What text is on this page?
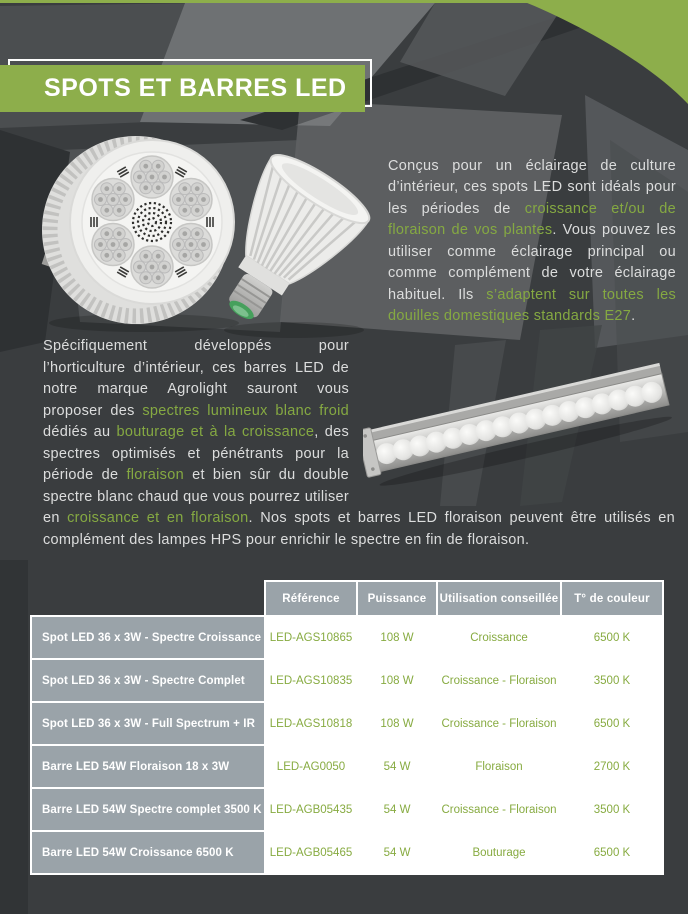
SPOTS ET BARRES LED

Conçus pour un éclairage de culture d’intérieur, ces spots LED sont idéals pour les périodes de croissance et/ou de floraison de vos plantes. Vous pouvez les utiliser comme éclairage principal ou comme complément de votre éclairage habituel. Ils s’adaptent sur toutes les douilles domestiques standards E27.

Spécifiquement développés pour l’horticulture d’intérieur, ces barres LED de notre marque Agrolight sauront vous proposer des spectres lumineux blanc froid dédiés au bouturage et à la croissance, des spectres optimisés et pénétrants pour la période de floraison et bien sûr du double spectre blanc chaud que vous pourrez utiliser en croissance et en floraison. Nos spots et barres LED floraison peuvent être utilisés en complément des lampes HPS pour enrichir le spectre en fin de floraison.

	Référence	Puissance	Utilisation conseillée	T° de couleur
Spot LED 36 x 3W - Spectre Croissance	LED-AGS10865	108 W	Croissance	6500 K
Spot LED 36 x 3W - Spectre Complet	LED-AGS10835	108 W	Croissance - Floraison	3500 K
Spot LED 36 x 3W - Full Spectrum + IR	LED-AGS10818	108 W	Croissance - Floraison	6500 K
Barre LED 54W Floraison 18 x 3W	LED-AG0050	54 W	Floraison	2700 K
Barre LED 54W Spectre complet 3500 K	LED-AGB05435	54 W	Croissance - Floraison	3500 K
Barre LED 54W Croissance 6500 K	LED-AGB05465	54 W	Bouturage	6500 K
